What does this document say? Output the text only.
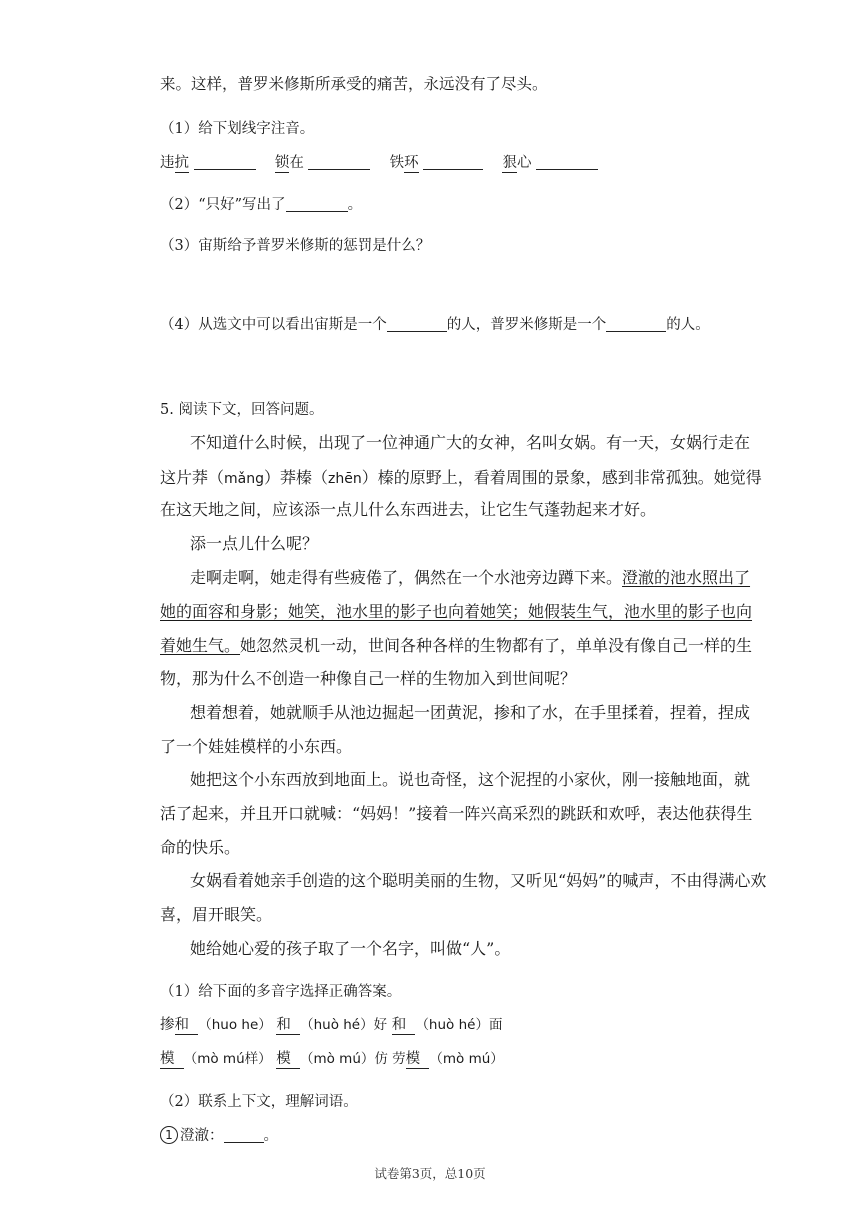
来。这样，普罗米修斯所承受的痛苦，永远没有了尽头。
（1）给下划线字注音。
违抗	锁在	铁环	狠心
（2）“只好”写出了	。
（3）宙斯给予普罗米修斯的惩罚是什么？
（4）从选文中可以看出宙斯是一个	的人，普罗米修斯是一个	的人。
5. 阅读下文，回答问题。
不知道什么时候，出现了一位神通广大的女神，名叫女娲。有一天，女娲行走在
这片莽（mǎng）莽榛（zhēn）榛的原野上，看着周围的景象，感到非常孤独。她觉得
在这天地之间，应该添一点儿什么东西进去，让它生气蓬勃起来才好。
添一点儿什么呢？
走啊走啊，她走得有些疲倦了，偶然在一个水池旁边蹲下来。澄澈的池水照出了
她的面容和身影；她笑，池水里的影子也向着她笑；她假装生气，池水里的影子也向
着她生气。她忽然灵机一动，世间各种各样的生物都有了，单单没有像自己一样的生
物，那为什么不创造一种像自己一样的生物加入到世间呢？
想着想着，她就顺手从池边掘起一团黄泥，掺和了水，在手里揉着，捏着，捏成
了一个娃娃模样的小东西。
她把这个小东西放到地面上。说也奇怪，这个泥捏的小家伙，刚一接触地面，就
活了起来，并且开口就喊：“妈妈！”接着一阵兴高采烈的跳跃和欢呼，表达他获得生
命的快乐。
女娲看着她亲手创造的这个聪明美丽的生物，又听见“妈妈”的喊声，不由得满心欢
喜，眉开眼笑。
她给她心爱的孩子取了一个名字，叫做“人”。
（1）给下面的多音字选择正确答案。
掺和 （huo he） 和 （huò hé）好 和 （huò hé）面
模 （mò mú样） 模 （mò mú）仿 劳模 （mò mú）
（2）联系上下文，理解词语。
1 澄澈：	。
试卷第3页，总10页
